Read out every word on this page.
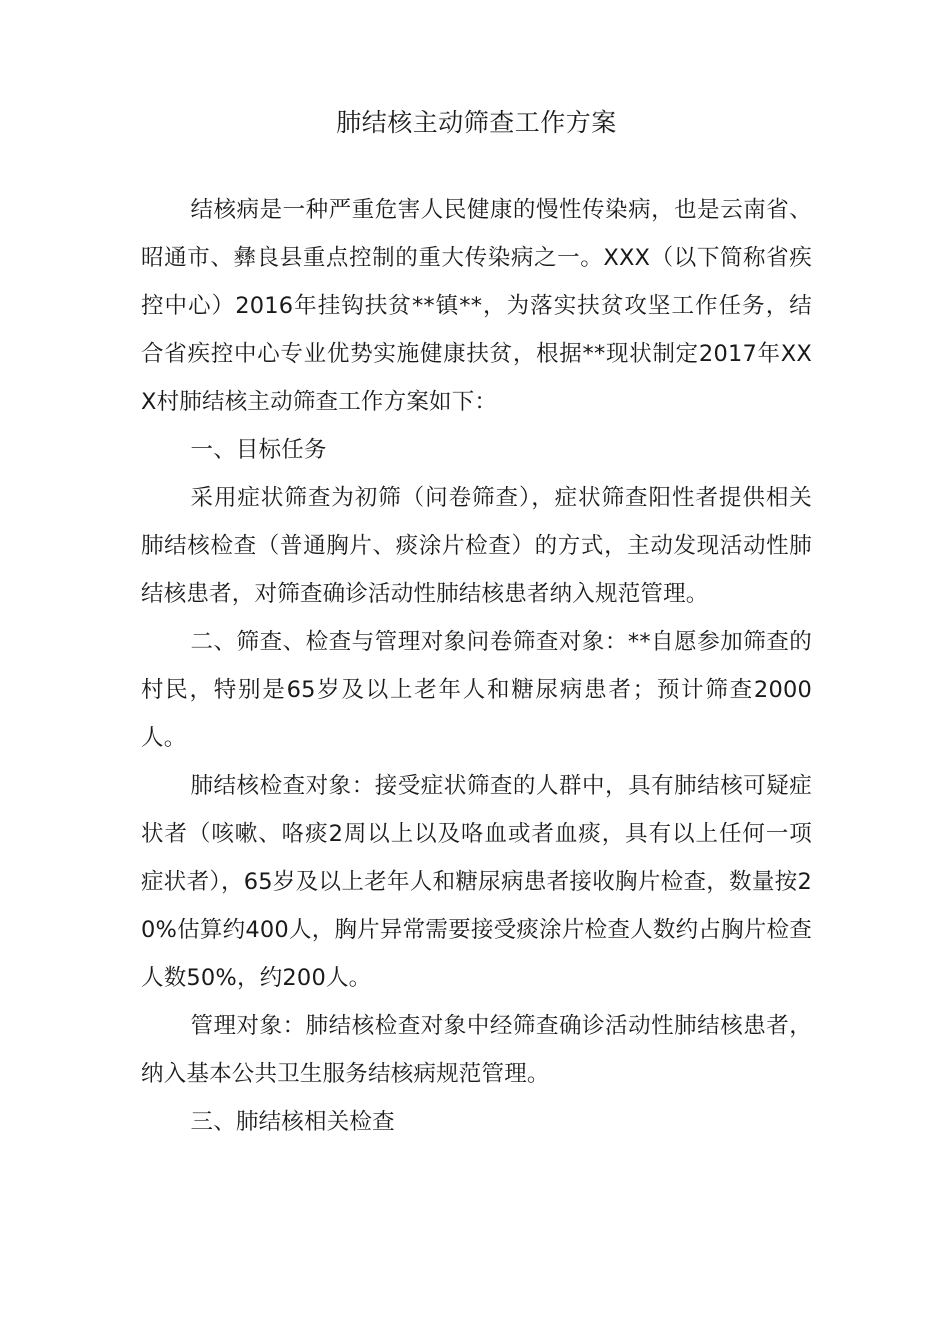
肺结核主动筛查工作方案

结核病是一种严重危害人民健康的慢性传染病，也是云南省、昭通市、彝良县重点控制的重大传染病之一。XXX（以下简称省疾控中心）2016年挂钩扶贫**镇**，为落实扶贫攻坚工作任务，结合省疾控中心专业优势实施健康扶贫，根据**现状制定2017年XXX村肺结核主动筛查工作方案如下：

一、目标任务

采用症状筛查为初筛（问卷筛查），症状筛查阳性者提供相关肺结核检查（普通胸片、痰涂片检查）的方式，主动发现活动性肺结核患者，对筛查确诊活动性肺结核患者纳入规范管理。

二、筛查、检查与管理对象问卷筛查对象：**自愿参加筛查的村民，特别是65岁及以上老年人和糖尿病患者；预计筛查2000人。

肺结核检查对象：接受症状筛查的人群中，具有肺结核可疑症状者（咳嗽、咯痰2周以上以及咯血或者血痰，具有以上任何一项症状者），65岁及以上老年人和糖尿病患者接收胸片检查，数量按20%估算约400人，胸片异常需要接受痰涂片检查人数约占胸片检查人数50%，约200人。

管理对象：肺结核检查对象中经筛查确诊活动性肺结核患者，纳入基本公共卫生服务结核病规范管理。

三、肺结核相关检查
